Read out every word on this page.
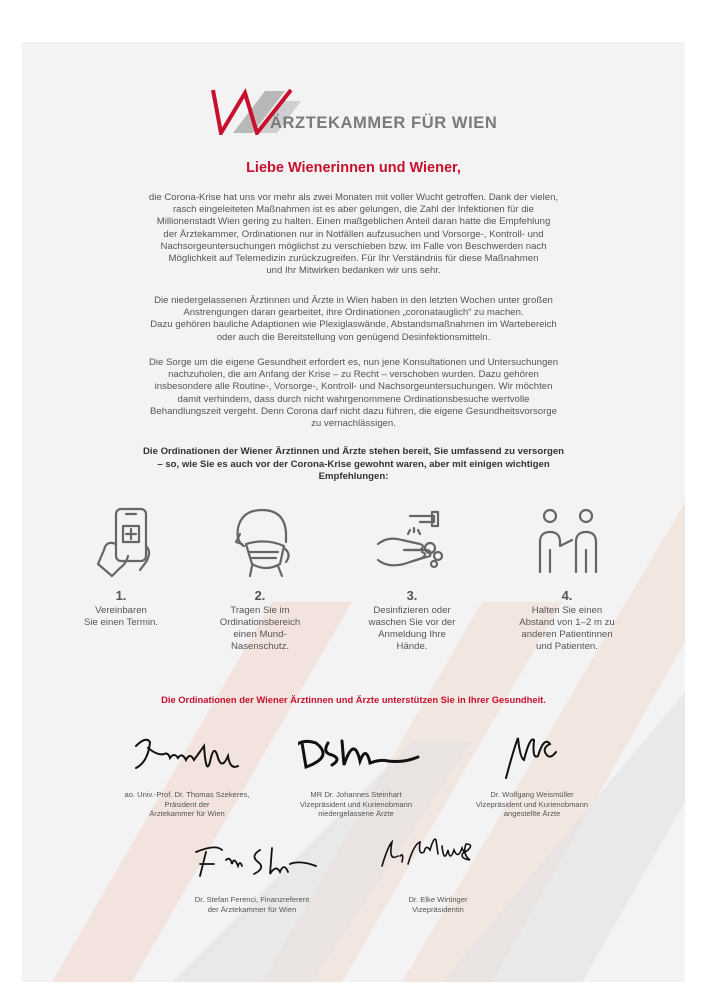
ÄRZTEKAMMER FÜR WIEN
Liebe Wienerinnen und Wiener,
die Corona-Krise hat uns vor mehr als zwei Monaten mit voller Wucht getroffen. Dank der vielen,
rasch eingeleiteten Maßnahmen ist es aber gelungen, die Zahl der Infektionen für die
Millionenstadt Wien gering zu halten. Einen maßgeblichen Anteil daran hatte die Empfehlung
der Ärztekammer, Ordinationen nur in Notfällen aufzusuchen und Vorsorge-, Kontroll- und
Nachsorgeuntersuchungen möglichst zu verschieben bzw. im Falle von Beschwerden nach
Möglichkeit auf Telemedizin zurückzugreifen. Für Ihr Verständnis für diese Maßnahmen
und Ihr Mitwirken bedanken wir uns sehr.
Die niedergelassenen Ärztinnen und Ärzte in Wien haben in den letzten Wochen unter großen
Anstrengungen daran gearbeitet, ihre Ordinationen „coronatauglich“ zu machen.
Dazu gehören bauliche Adaptionen wie Plexiglaswände, Abstandsmaßnahmen im Wartebereich
oder auch die Bereitstellung von genügend Desinfektionsmitteln.
Die Sorge um die eigene Gesundheit erfordert es, nun jene Konsultationen und Untersuchungen
nachzuholen, die am Anfang der Krise – zu Recht – verschoben wurden. Dazu gehören
insbesondere alle Routine-, Vorsorge-, Kontroll- und Nachsorgeuntersuchungen. Wir möchten
damit verhindern, dass durch nicht wahrgenommene Ordinationsbesuche wertvolle
Behandlungszeit vergeht. Denn Corona darf nicht dazu führen, die eigene Gesundheitsvorsorge
zu vernachlässigen.
Die Ordinationen der Wiener Ärztinnen und Ärzte stehen bereit, Sie umfassend zu versorgen
– so, wie Sie es auch vor der Corona-Krise gewohnt waren, aber mit einigen wichtigen
Empfehlungen:
1.
Vereinbaren
Sie einen Termin.
2.
Tragen Sie im
Ordinationsbereich
einen Mund-
Nasenschutz.
3.
Desinfizieren oder
waschen Sie vor der
Anmeldung Ihre
Hände.
4.
Halten Sie einen
Abstand von 1–2 m zu
anderen Patientinnen
und Patienten.
Die Ordinationen der Wiener Ärztinnen und Ärzte unterstützen Sie in Ihrer Gesundheit.
ao. Univ.-Prof. Dr. Thomas Szekeres,
Präsident der
Ärztekammer für Wien
MR Dr. Johannes Steinhart
Vizepräsident und Kurienobmann
niedergelassene Ärzte
Dr. Wolfgang Weismüller
Vizepräsident und Kurienobmann
angestellte Ärzte
Dr. Stefan Ferenci, Finanzreferent
der Ärztekammer für Wien
Dr. Elke Wirtinger
Vizepräsidentin
